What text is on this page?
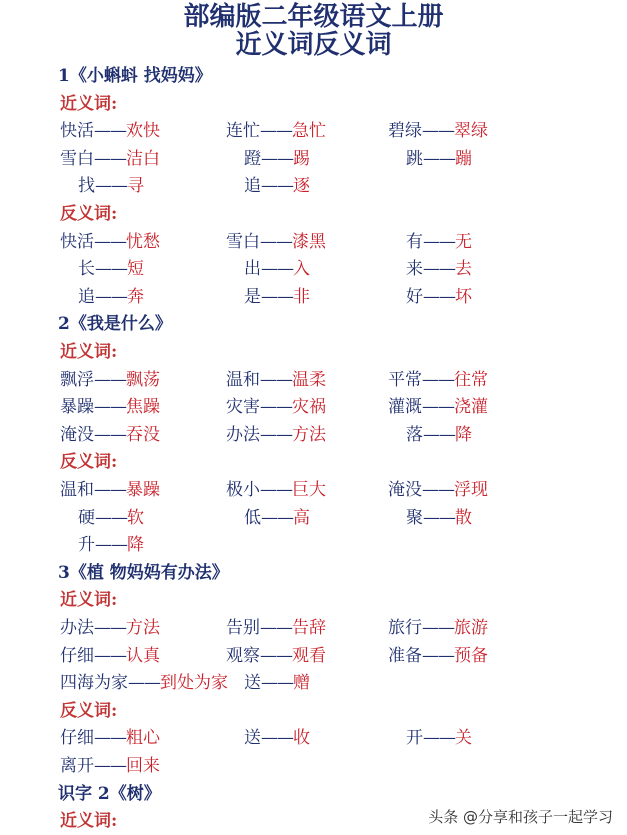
部编版二年级语文上册
近义词反义词
1《小蝌蚪 找妈妈》
近义词:
快活——欢快	连忙——急忙	碧绿——翠绿
雪白——洁白	蹬——踢	跳——蹦
找——寻	追——逐
反义词:
快活——忧愁	雪白——漆黑	有——无
长——短	出——入	来——去
追——奔	是——非	好——坏
2《我是什么》
近义词:
飘浮——飘荡	温和——温柔	平常——往常
暴躁——焦躁	灾害——灾祸	灌溉——浇灌
淹没——吞没	办法——方法	落——降
反义词:
温和——暴躁	极小——巨大	淹没——浮现
硬——软	低——高	聚——散
升——降
3《植 物妈妈有办法》
近义词:
办法——方法	告别——告辞	旅行——旅游
仔细——认真	观察——观看	准备——预备
四海为家——到处为家 送——赠
反义词:
仔细——粗心	送——收	开——关
离开——回来
识字 2《树》
近义词:	头条 @分享和孩子一起学习
